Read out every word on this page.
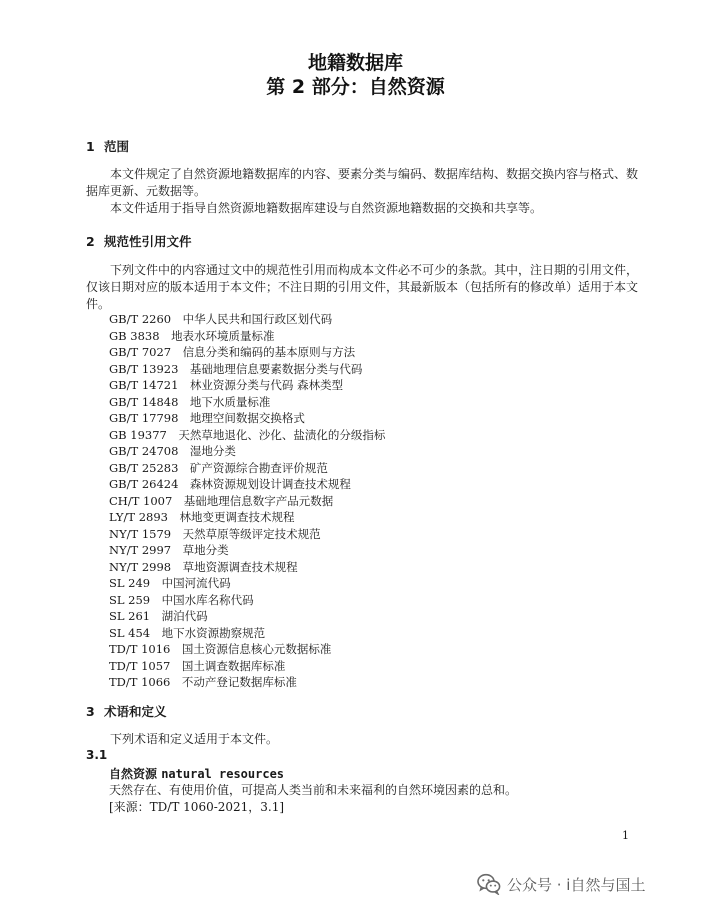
地籍数据库
第 2 部分：自然资源
1 范围

本文件规定了自然资源地籍数据库的内容、要素分类与编码、数据库结构、数据交换内容与格式、数据库更新、元数据等。

本文件适用于指导自然资源地籍数据库建设与自然资源地籍数据的交换和共享等。

2 规范性引用文件

下列文件中的内容通过文中的规范性引用而构成本文件必不可少的条款。其中，注日期的引用文件，仅该日期对应的版本适用于本文件；不注日期的引用文件，其最新版本（包括所有的修改单）适用于本文件。

GB/T 2260  中华人民共和国行政区划代码
GB 3838  地表水环境质量标准
GB/T 7027  信息分类和编码的基本原则与方法
GB/T 13923  基础地理信息要素数据分类与代码
GB/T 14721  林业资源分类与代码 森林类型
GB/T 14848  地下水质量标准
GB/T 17798  地理空间数据交换格式
GB 19377  天然草地退化、沙化、盐渍化的分级指标
GB/T 24708  湿地分类
GB/T 25283  矿产资源综合勘查评价规范
GB/T 26424  森林资源规划设计调查技术规程
CH/T 1007  基础地理信息数字产品元数据
LY/T 2893  林地变更调查技术规程
NY/T 1579  天然草原等级评定技术规范
NY/T 2997  草地分类
NY/T 2998  草地资源调查技术规程
SL 249  中国河流代码
SL 259  中国水库名称代码
SL 261  湖泊代码
SL 454  地下水资源勘察规范
TD/T 1016  国土资源信息核心元数据标准
TD/T 1057  国土调查数据库标准
TD/T 1066  不动产登记数据库标准
3 术语和定义

下列术语和定义适用于本文件。

3.1
自然资源 natural resources
天然存在、有使用价值，可提高人类当前和未来福利的自然环境因素的总和。
[来源：TD/T 1060-2021，3.1]
1
公众号 · i自然与国土
